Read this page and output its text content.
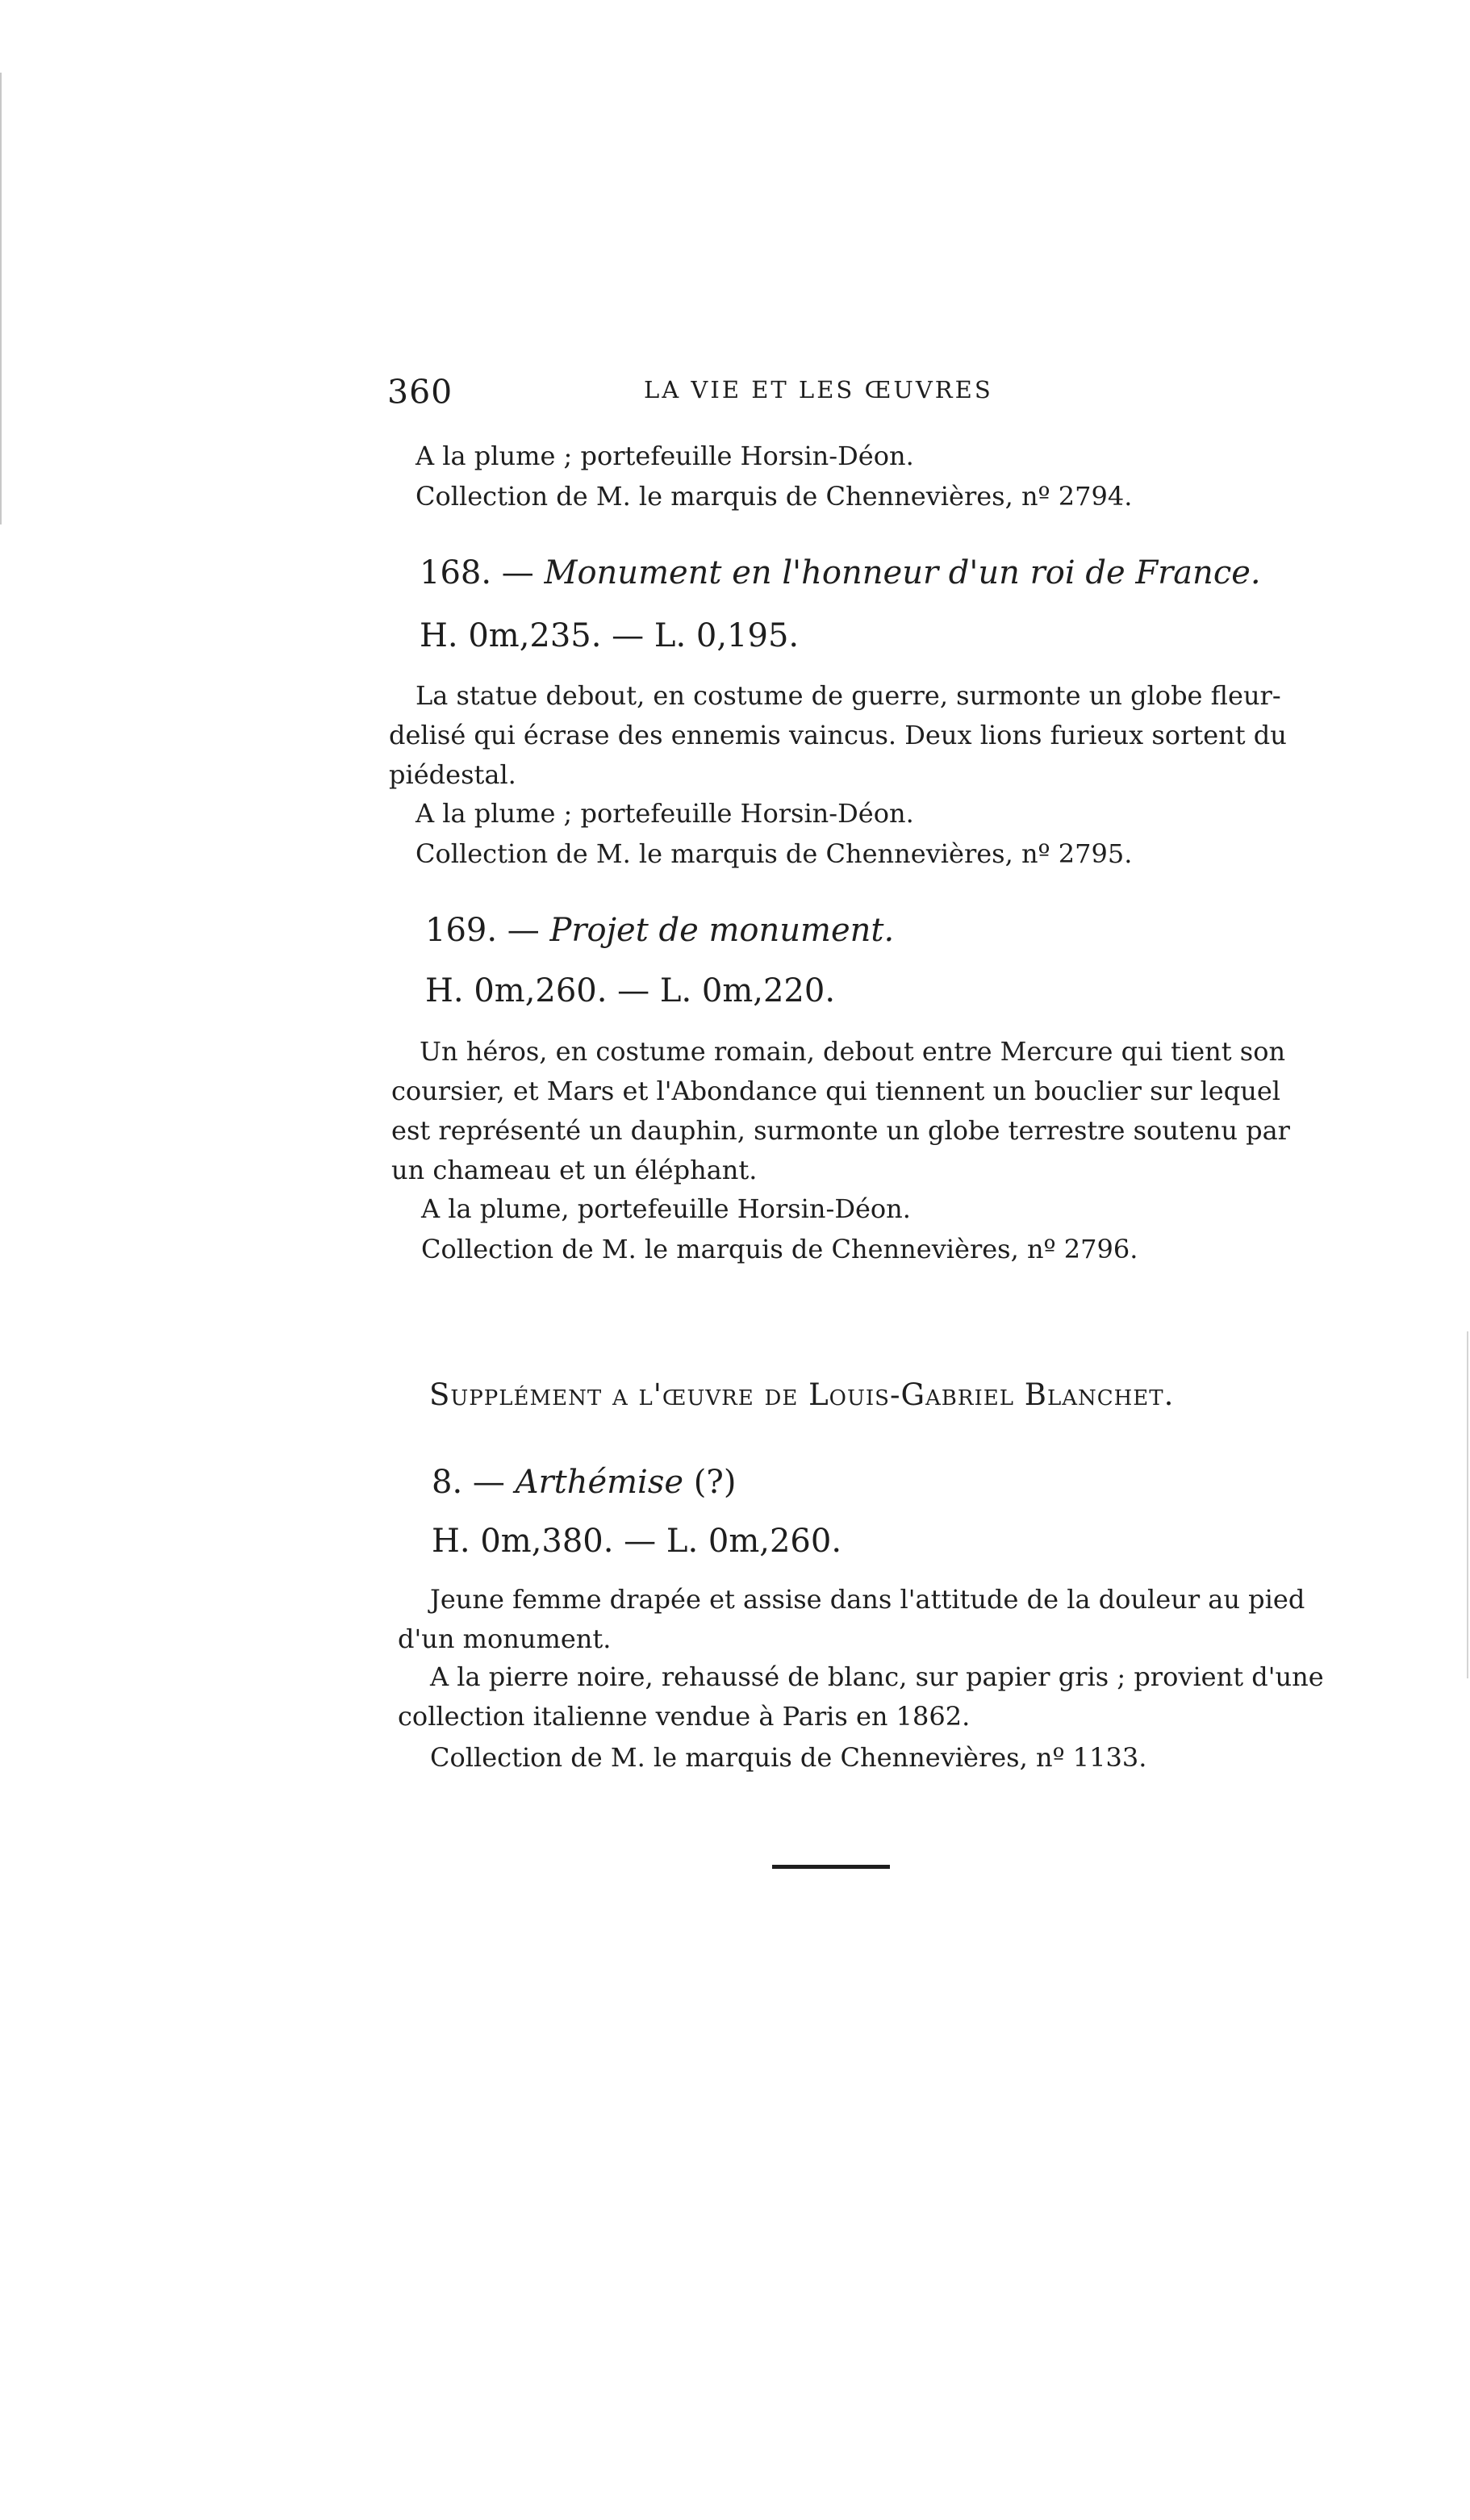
360	LA VIE ET LES ŒUVRES
A la plume ; portefeuille Horsin-Déon.
Collection de M. le marquis de Chennevières, nº 2794.
168. — Monument en l'honneur d'un roi de France.
H. 0m,235. — L. 0,195.
La statue debout, en costume de guerre, surmonte un globe fleur-
delisé qui écrase des ennemis vaincus. Deux lions furieux sortent du
piédestal.
A la plume ; portefeuille Horsin-Déon.
Collection de M. le marquis de Chennevières, nº 2795.
169. — Projet de monument.
H. 0m,260. — L. 0m,220.
Un héros, en costume romain, debout entre Mercure qui tient son
coursier, et Mars et l'Abondance qui tiennent un bouclier sur lequel
est représenté un dauphin, surmonte un globe terrestre soutenu par
un chameau et un éléphant.
A la plume, portefeuille Horsin-Déon.
Collection de M. le marquis de Chennevières, nº 2796.
Supplément a l'œuvre de Louis-Gabriel Blanchet.
8. — Arthémise (?)
H. 0m,380. — L. 0m,260.
Jeune femme drapée et assise dans l'attitude de la douleur au pied
d'un monument.
A la pierre noire, rehaussé de blanc, sur papier gris ; provient d'une
collection italienne vendue à Paris en 1862.
Collection de M. le marquis de Chennevières, nº 1133.
